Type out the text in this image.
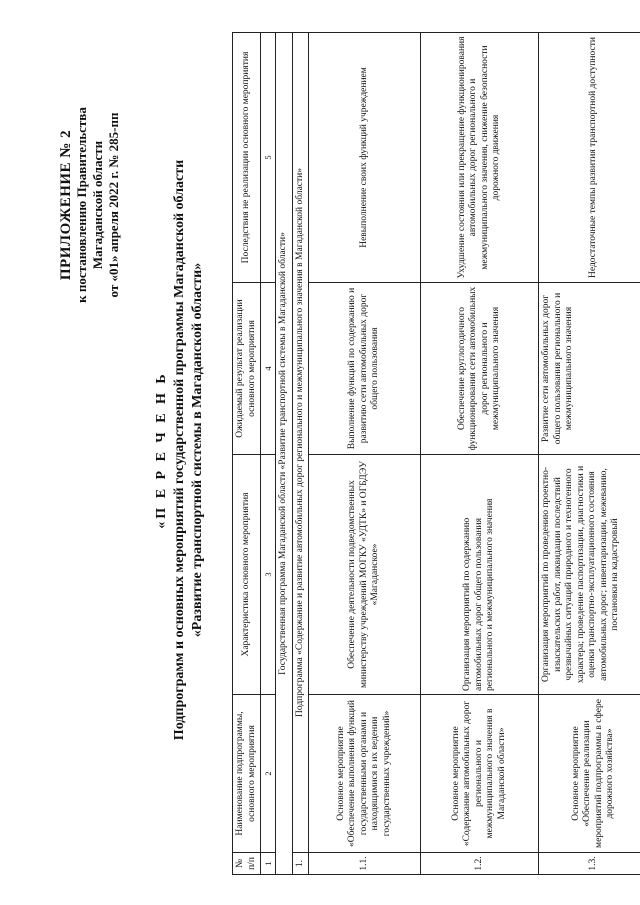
ПРИЛОЖЕНИЕ № 2 к постановлению Правительства Магаданской области от «01» апреля 2022 г. № 285-пп
«П Е Р Е Ч Е Н Ь Подпрограмм и основных мероприятий государственной программы Магаданской области «Развитие транспортной системы в Магаданской области»
№ п/п	Наименование подпрограммы, основного мероприятия	Характеристика основного мероприятия	Ожидаемый результат реализации основного мероприятия	Последствия не реализации основного мероприятия
1	2	3	4	5
Государственная программа Магаданской области «Развитие транспортной системы в Магаданской области»				
1.	Подпрограмма «Содержание и развитие автомобильных дорог регионального и межмуниципального значения в Магаданской области»			
1.1.	Основное мероприятие «Обеспечение выполнения функций государственными органами и находящимися в их ведении государственных учреждений»	Обеспечение деятельности подведомственных министерству учреждений МОГКУ «УДТК» и ОГБДЭУ «Магаданское»	Выполнение функций по содержанию и развитию сети автомобильных дорог общего пользования	Невыполнение своих функций учреждением
1.2.	Основное мероприятие «Содержание автомобильных дорог регионального и межмуниципального значения в Магаданской области»	Организация мероприятий по содержанию автомобильных дорог общего пользования регионального и межмуниципального значения	Обеспечение круглогодичного функционирования сети автомобильных дорог регионального и межмуниципального значения	Ухудшение состояния или прекращение функционирования автомобильных дорог регионального и межмуниципального значения, снижение безопасности дорожного движения
1.3.	Основное мероприятие «Обеспечение реализации мероприятий подпрограммы в сфере дорожного хозяйства»	Организация мероприятий по проведению проектно-изыскательских работ, ликвидации последствий чрезвычайных ситуаций природного и техногенного характера; проведение паспортизации, диагностики и оценки транспортно-эксплуатационного состояния автомобильных дорог; инвентаризации, межеванию, постановки на кадастровый	Развитие сети автомобильных дорог общего пользования регионального и межмуниципального значения	Недостаточные темпы развития транспортной доступности
